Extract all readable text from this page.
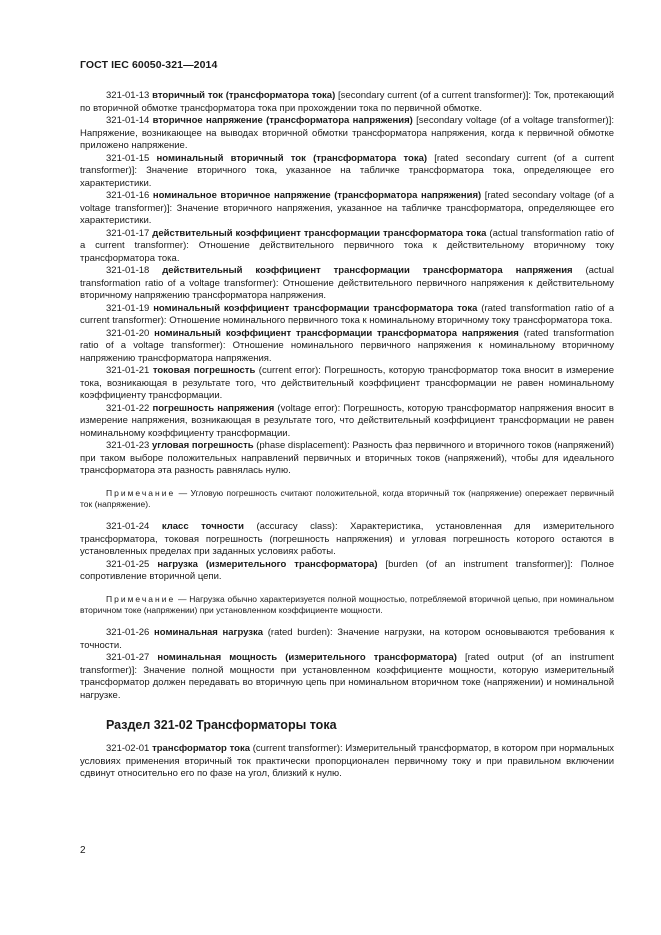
ГОСТ IEC 60050-321—2014

321-01-13 вторичный ток (трансформатора тока) [secondary current (of a current transformer)]: Ток, протекающий по вторичной обмотке трансформатора тока при прохождении тока по первичной обмотке.

321-01-14 вторичное напряжение (трансформатора напряжения) [secondary voltage (of a voltage transformer)]: Напряжение, возникающее на выводах вторичной обмотки трансформатора напряжения, когда к первичной обмотке приложено напряжение.

321-01-15 номинальный вторичный ток (трансформатора тока) [rated secondary current (of a current transformer)]: Значение вторичного тока, указанное на табличке трансформатора тока, определяющее его характеристики.

321-01-16 номинальное вторичное напряжение (трансформатора напряжения) [rated secondary voltage (of a voltage transformer)]: Значение вторичного напряжения, указанное на табличке трансформатора, определяющее его характеристики.

321-01-17 действительный коэффициент трансформации трансформатора тока (actual transformation ratio of a current transformer): Отношение действительного первичного тока к действительному вторичному току трансформатора тока.

321-01-18 действительный коэффициент трансформации трансформатора напряжения (actual transformation ratio of a voltage transformer): Отношение действительного первичного напряжения к действительному вторичному напряжению трансформатора напряжения.

321-01-19 номинальный коэффициент трансформации трансформатора тока (rated transformation ratio of a current transformer): Отношение номинального первичного тока к номинальному вторичному току трансформатора тока.

321-01-20 номинальный коэффициент трансформации трансформатора напряжения (rated transformation ratio of a voltage transformer): Отношение номинального первичного напряжения к номинальному вторичному напряжению трансформатора напряжения.

321-01-21 токовая погрешность (current error): Погрешность, которую трансформатор тока вносит в измерение тока, возникающая в результате того, что действительный коэффициент трансформации не равен номинальному коэффициенту трансформации.

321-01-22 погрешность напряжения (voltage error): Погрешность, которую трансформатор напряжения вносит в измерение напряжения, возникающая в результате того, что действительный коэффициент трансформации не равен номинальному коэффициенту трансформации.

321-01-23 угловая погрешность (phase displacement): Разность фаз первичного и вторичного токов (напряжений) при таком выборе положительных направлений первичных и вторичных токов (напряжений), чтобы для идеального трансформатора эта разность равнялась нулю.

Примечание — Угловую погрешность считают положительной, когда вторичный ток (напряжение) опережает первичный ток (напряжение).

321-01-24 класс точности (accuracy class): Характеристика, установленная для измерительного трансформатора, токовая погрешность (погрешность напряжения) и угловая погрешность которого остаются в установленных пределах при заданных условиях работы.

321-01-25 нагрузка (измерительного трансформатора) [burden (of an instrument transformer)]: Полное сопротивление вторичной цепи.

Примечание — Нагрузка обычно характеризуется полной мощностью, потребляемой вторичной цепью, при номинальном вторичном токе (напряжении) при установленном коэффициенте мощности.

321-01-26 номинальная нагрузка (rated burden): Значение нагрузки, на котором основываются требования к точности.

321-01-27 номинальная мощность (измерительного трансформатора) [rated output (of an instrument transformer)]: Значение полной мощности при установленном коэффициенте мощности, которую измерительный трансформатор должен передавать во вторичную цепь при номинальном вторичном токе (напряжении) и номинальной нагрузке.

Раздел 321-02 Трансформаторы тока

321-02-01 трансформатор тока (current transformer): Измерительный трансформатор, в котором при нормальных условиях применения вторичный ток практически пропорционален первичному току и при правильном включении сдвинут относительно его по фазе на угол, близкий к нулю.

2
